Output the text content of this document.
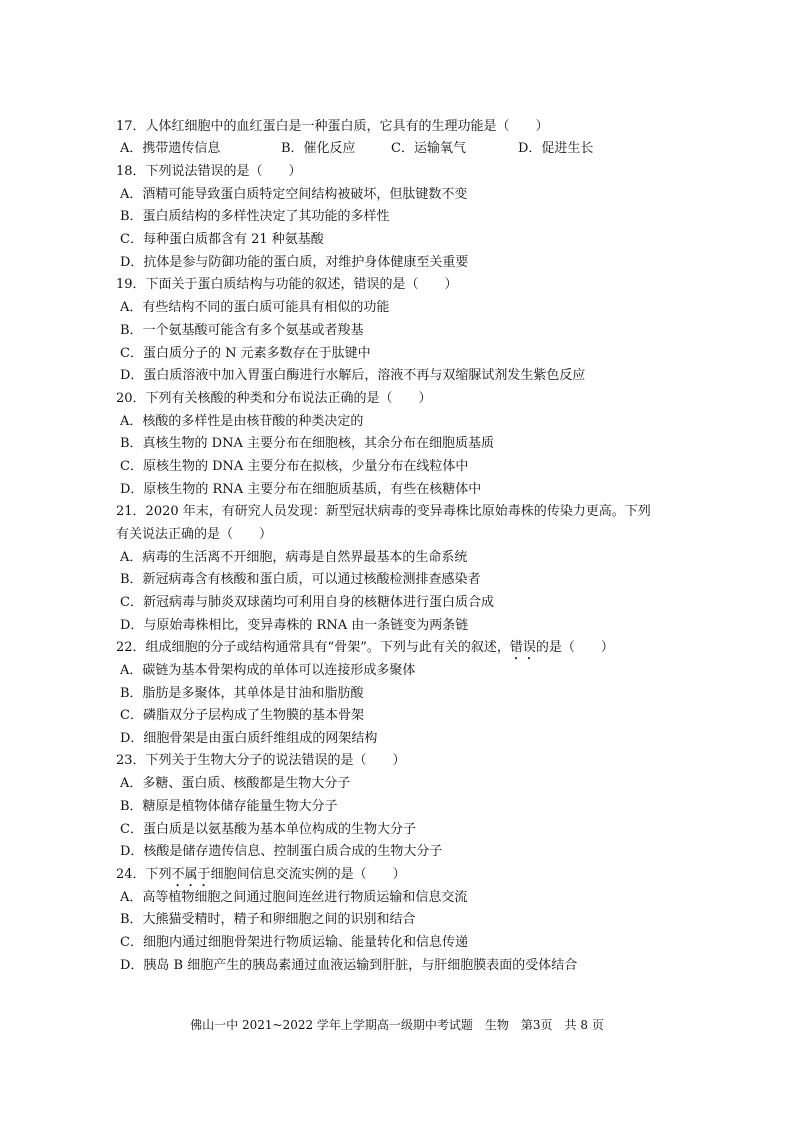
17．人体红细胞中的血红蛋白是一种蛋白质，它具有的生理功能是（　　）
A．携带遗传信息	B．催化反应	C．运输氧气	D．促进生长
18．下列说法错误的是（　　）
A．酒精可能导致蛋白质特定空间结构被破坏，但肽键数不变
B．蛋白质结构的多样性决定了其功能的多样性
C．每种蛋白质都含有 21 种氨基酸
D．抗体是参与防御功能的蛋白质，对维护身体健康至关重要
19．下面关于蛋白质结构与功能的叙述，错误的是（　　）
A．有些结构不同的蛋白质可能具有相似的功能
B．一个氨基酸可能含有多个氨基或者羧基
C．蛋白质分子的 N 元素多数存在于肽键中
D．蛋白质溶液中加入胃蛋白酶进行水解后，溶液不再与双缩脲试剂发生紫色反应
20．下列有关核酸的种类和分布说法正确的是（　　）
A．核酸的多样性是由核苷酸的种类决定的
B．真核生物的 DNA 主要分布在细胞核，其余分布在细胞质基质
C．原核生物的 DNA 主要分布在拟核，少量分布在线粒体中
D．原核生物的 RNA 主要分布在细胞质基质，有些在核糖体中
21．2020 年末，有研究人员发现：新型冠状病毒的变异毒株比原始毒株的传染力更高。下列
有关说法正确的是（　　）
A．病毒的生活离不开细胞，病毒是自然界最基本的生命系统
B．新冠病毒含有核酸和蛋白质，可以通过核酸检测排查感染者
C．新冠病毒与肺炎双球菌均可利用自身的核糖体进行蛋白质合成
D．与原始毒株相比，变异毒株的 RNA 由一条链变为两条链
22．组成细胞的分子或结构通常具有“骨架”。下列与此有关的叙述，错误的是（　　）
A．碳链为基本骨架构成的单体可以连接形成多聚体
B．脂肪是多聚体，其单体是甘油和脂肪酸
C．磷脂双分子层构成了生物膜的基本骨架
D．细胞骨架是由蛋白质纤维组成的网架结构
23．下列关于生物大分子的说法错误的是（　　）
A．多糖、蛋白质、核酸都是生物大分子
B．糖原是植物体储存能量生物大分子
C．蛋白质是以氨基酸为基本单位构成的生物大分子
D．核酸是储存遗传信息、控制蛋白质合成的生物大分子
24．下列不属于细胞间信息交流实例的是（　　）
A．高等植物细胞之间通过胞间连丝进行物质运输和信息交流
B．大熊猫受精时，精子和卵细胞之间的识别和结合
C．细胞内通过细胞骨架进行物质运输、能量转化和信息传递
D．胰岛 B 细胞产生的胰岛素通过血液运输到肝脏，与肝细胞膜表面的受体结合
佛山一中 2021~2022 学年上学期高一级期中考试题　生物　第3页　共 8 页
